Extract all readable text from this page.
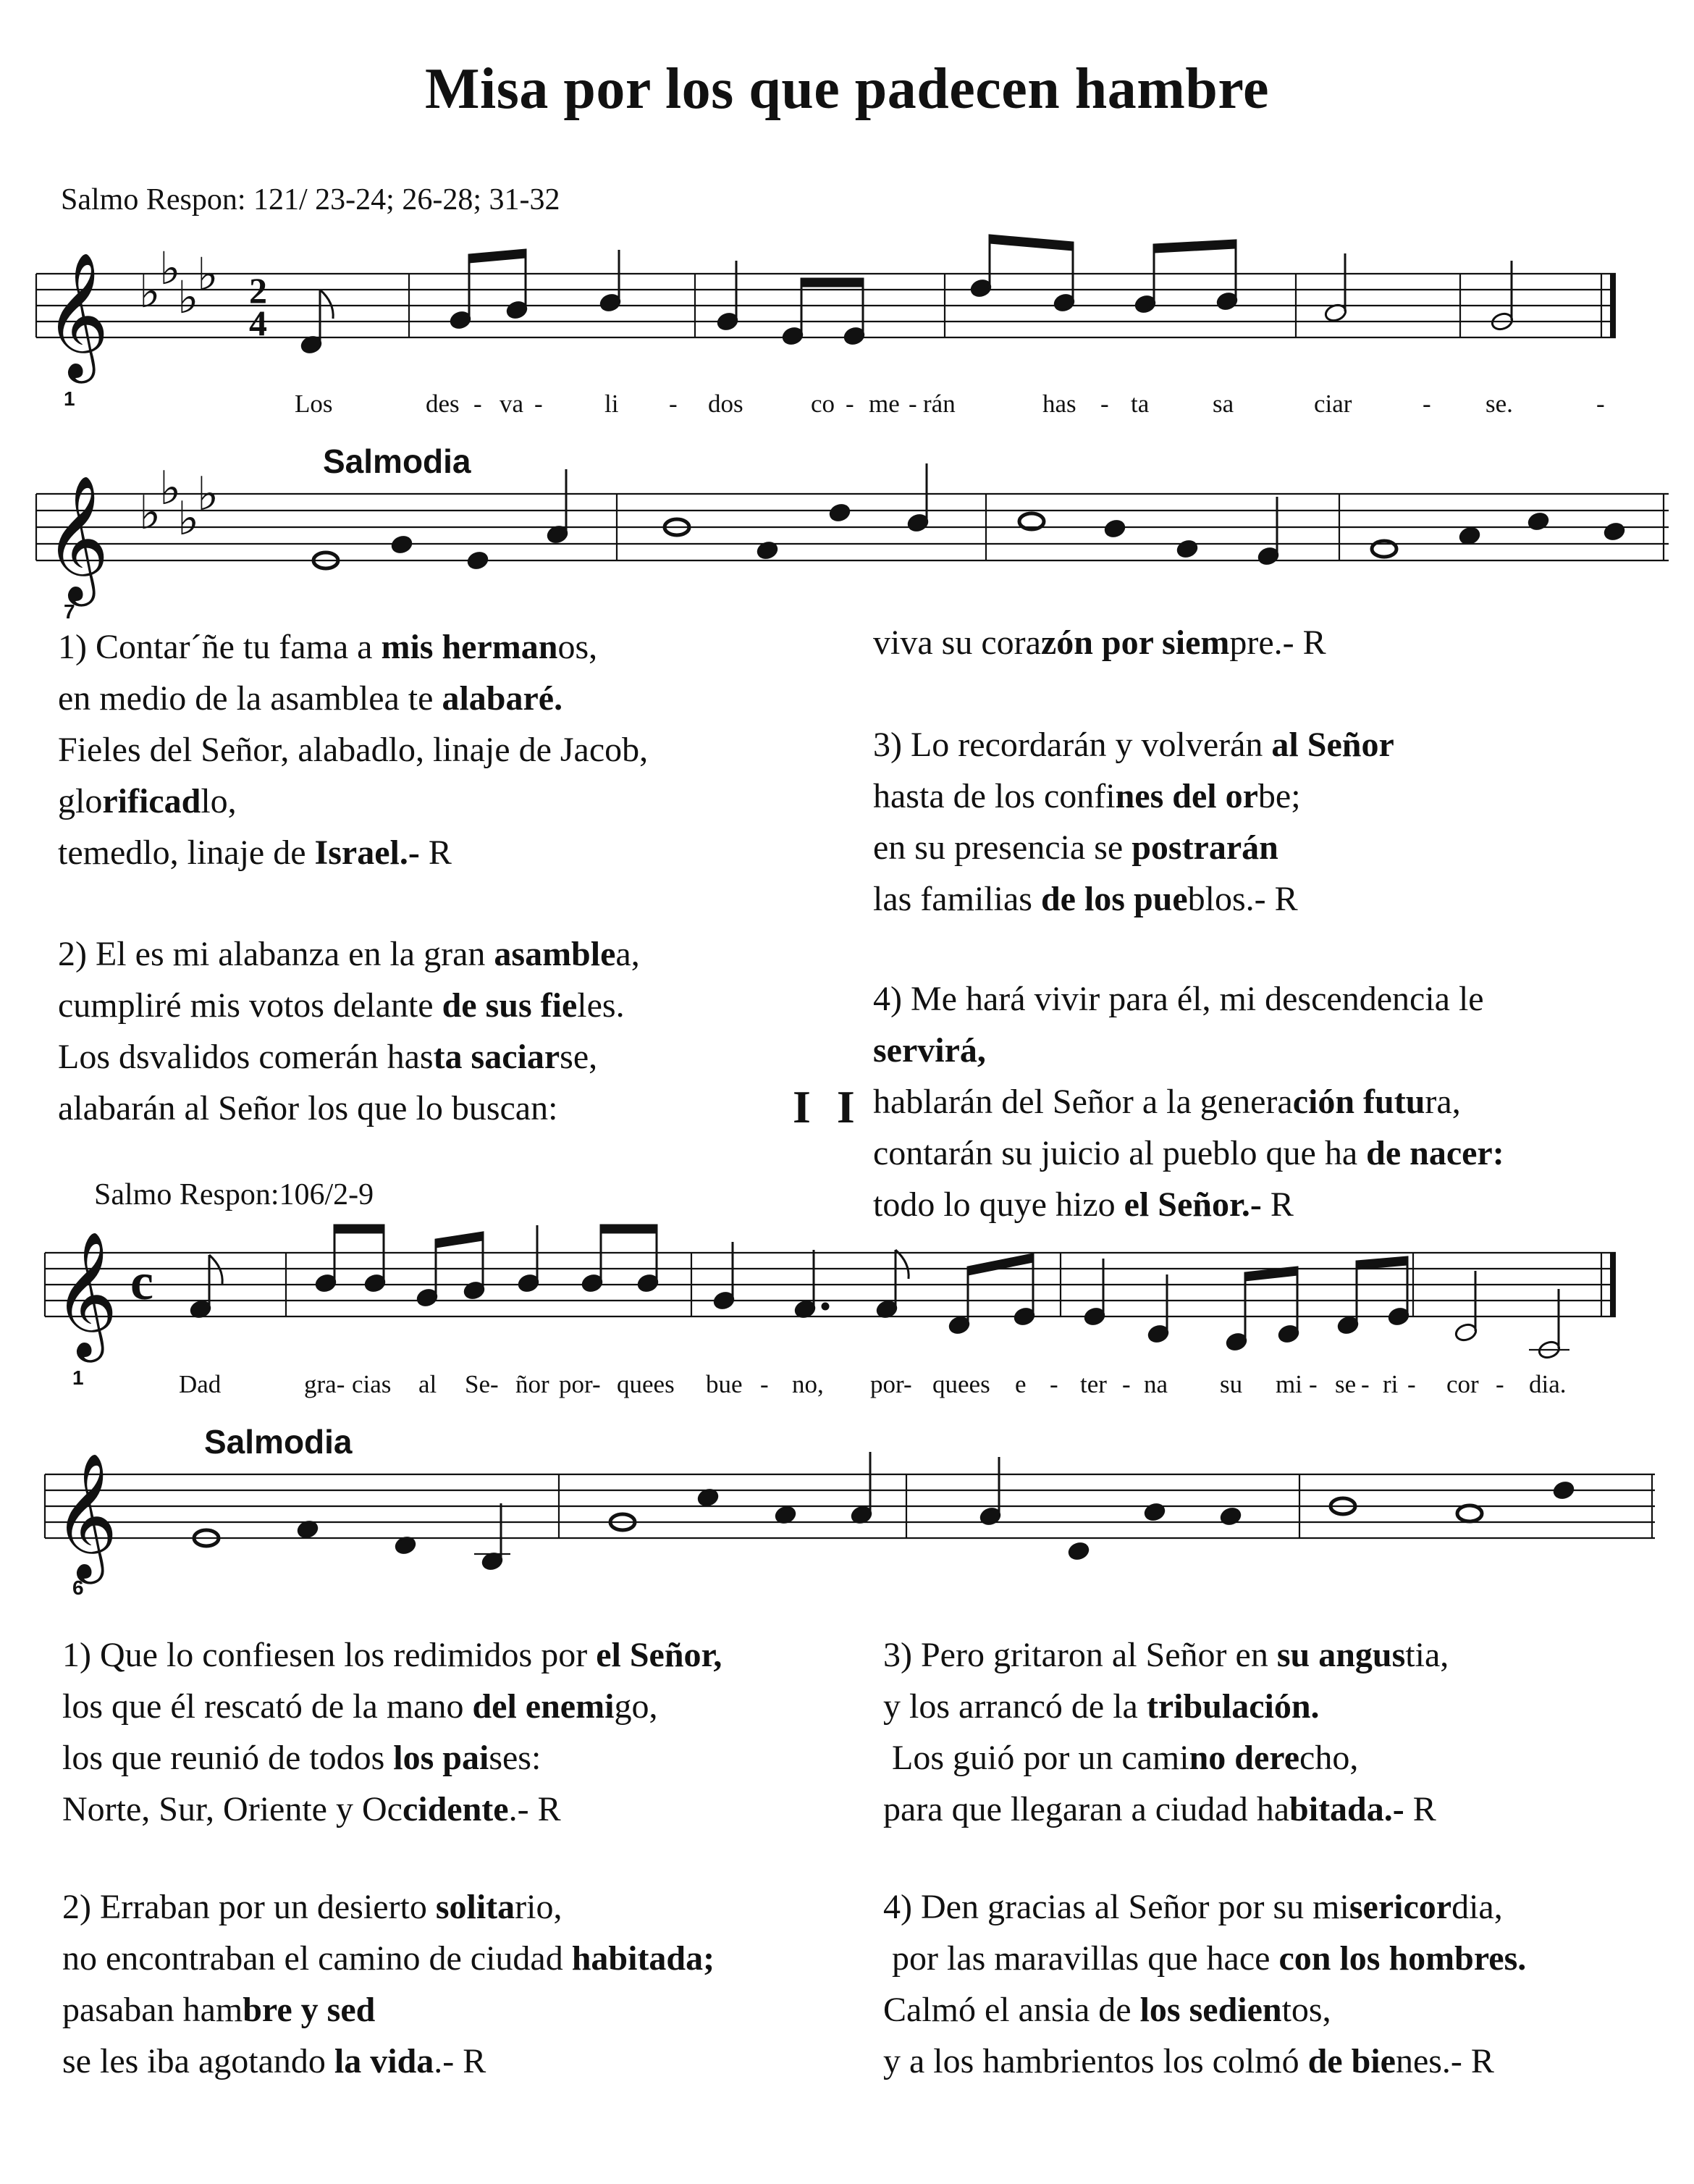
Misa por los que padecen hambre
Salmo Respon: 121/ 23-24; 26-28; 31-32
𝄞 ♭
♭
♭
♭ 2
4
1	Los	des - va - li - dos	co - me - rán	has - ta	sa	ciar	- se.	-
Salmodia
𝄞 ♭
♭
♭
♭
7
1) Contar´ñe tu fama a mis hermanos,
en medio de la asamblea te alabaré.
Fieles del Señor, alabadlo, linaje de Jacob,
glorificadlo,
temedlo, linaje de Israel.- R
2) El es mi alabanza en la gran asamblea,
cumpliré mis votos delante de sus fieles.
Los dsvalidos comerán hasta saciarse,
alabarán al Señor los que lo buscan:
viva su corazón por siempre.- R
3) Lo recordarán y volverán al Señor
hasta de los confines del orbe;
en su presencia se postrarán
las familias de los pueblos.- R
4) Me hará vivir para él, mi descendencia le
servirá,
hablarán del Señor a la generación futura,
contarán su juicio al pueblo que ha de nacer:
todo lo quye hizo el Señor.- R
I I
Salmo Respon:106/2-9
𝄞 c
1	Dad	gra- cias al Se- ñor por- quees bue - no, por- quees e - ter - na su mi - se - ri - cor - dia.
Salmodia
𝄞
6
1) Que lo confiesen los redimidos por el Señor,
los que él rescató de la mano del enemigo,
los que reunió de todos los paises:
Norte, Sur, Oriente y Occidente.- R
2) Erraban por un desierto solitario,
no encontraban el camino de ciudad habitada;
pasaban hambre y sed
se les iba agotando la vida.- R
3) Pero gritaron al Señor en su angustia,
y los arrancó de la tribulación.
Los guió por un camino derecho,
para que llegaran a ciudad habitada.- R
4) Den gracias al Señor por su misericordia,
por las maravillas que hace con los hombres.
Calmó el ansia de los sedientos,
y a los hambrientos los colmó de bienes.- R
